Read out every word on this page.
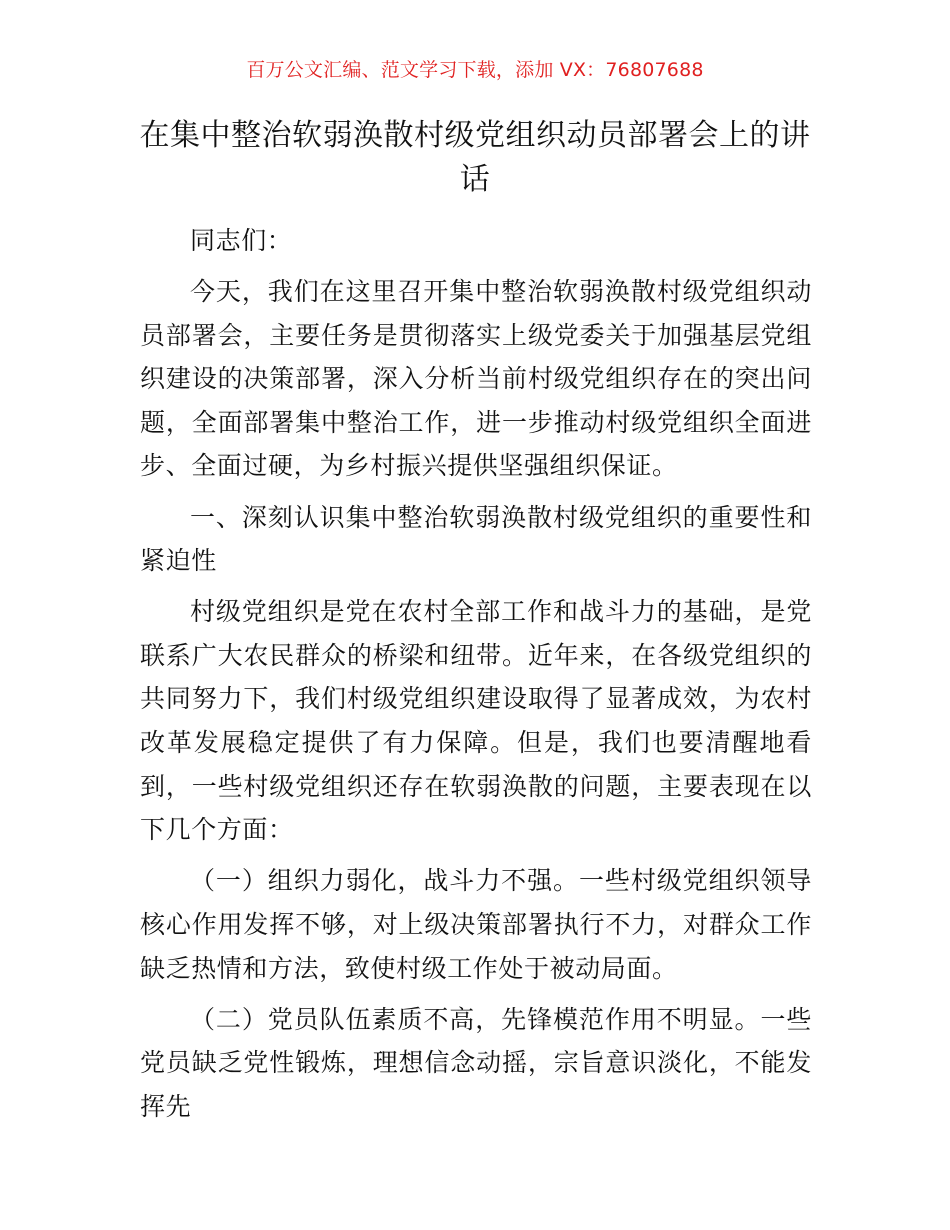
百万公文汇编、范文学习下载，添加 VX：76807688
在集中整治软弱涣散村级党组织动员部署会上的讲话

同志们：

今天，我们在这里召开集中整治软弱涣散村级党组织动员部署会，主要任务是贯彻落实上级党委关于加强基层党组织建设的决策部署，深入分析当前村级党组织存在的突出问题，全面部署集中整治工作，进一步推动村级党组织全面进步、全面过硬，为乡村振兴提供坚强组织保证。

一、深刻认识集中整治软弱涣散村级党组织的重要性和紧迫性

村级党组织是党在农村全部工作和战斗力的基础，是党联系广大农民群众的桥梁和纽带。近年来，在各级党组织的共同努力下，我们村级党组织建设取得了显著成效，为农村改革发展稳定提供了有力保障。但是，我们也要清醒地看到，一些村级党组织还存在软弱涣散的问题，主要表现在以下几个方面：

（一）组织力弱化，战斗力不强。一些村级党组织领导核心作用发挥不够，对上级决策部署执行不力，对群众工作缺乏热情和方法，致使村级工作处于被动局面。

（二）党员队伍素质不高，先锋模范作用不明显。一些党员缺乏党性锻炼，理想信念动摇，宗旨意识淡化，不能发挥先
